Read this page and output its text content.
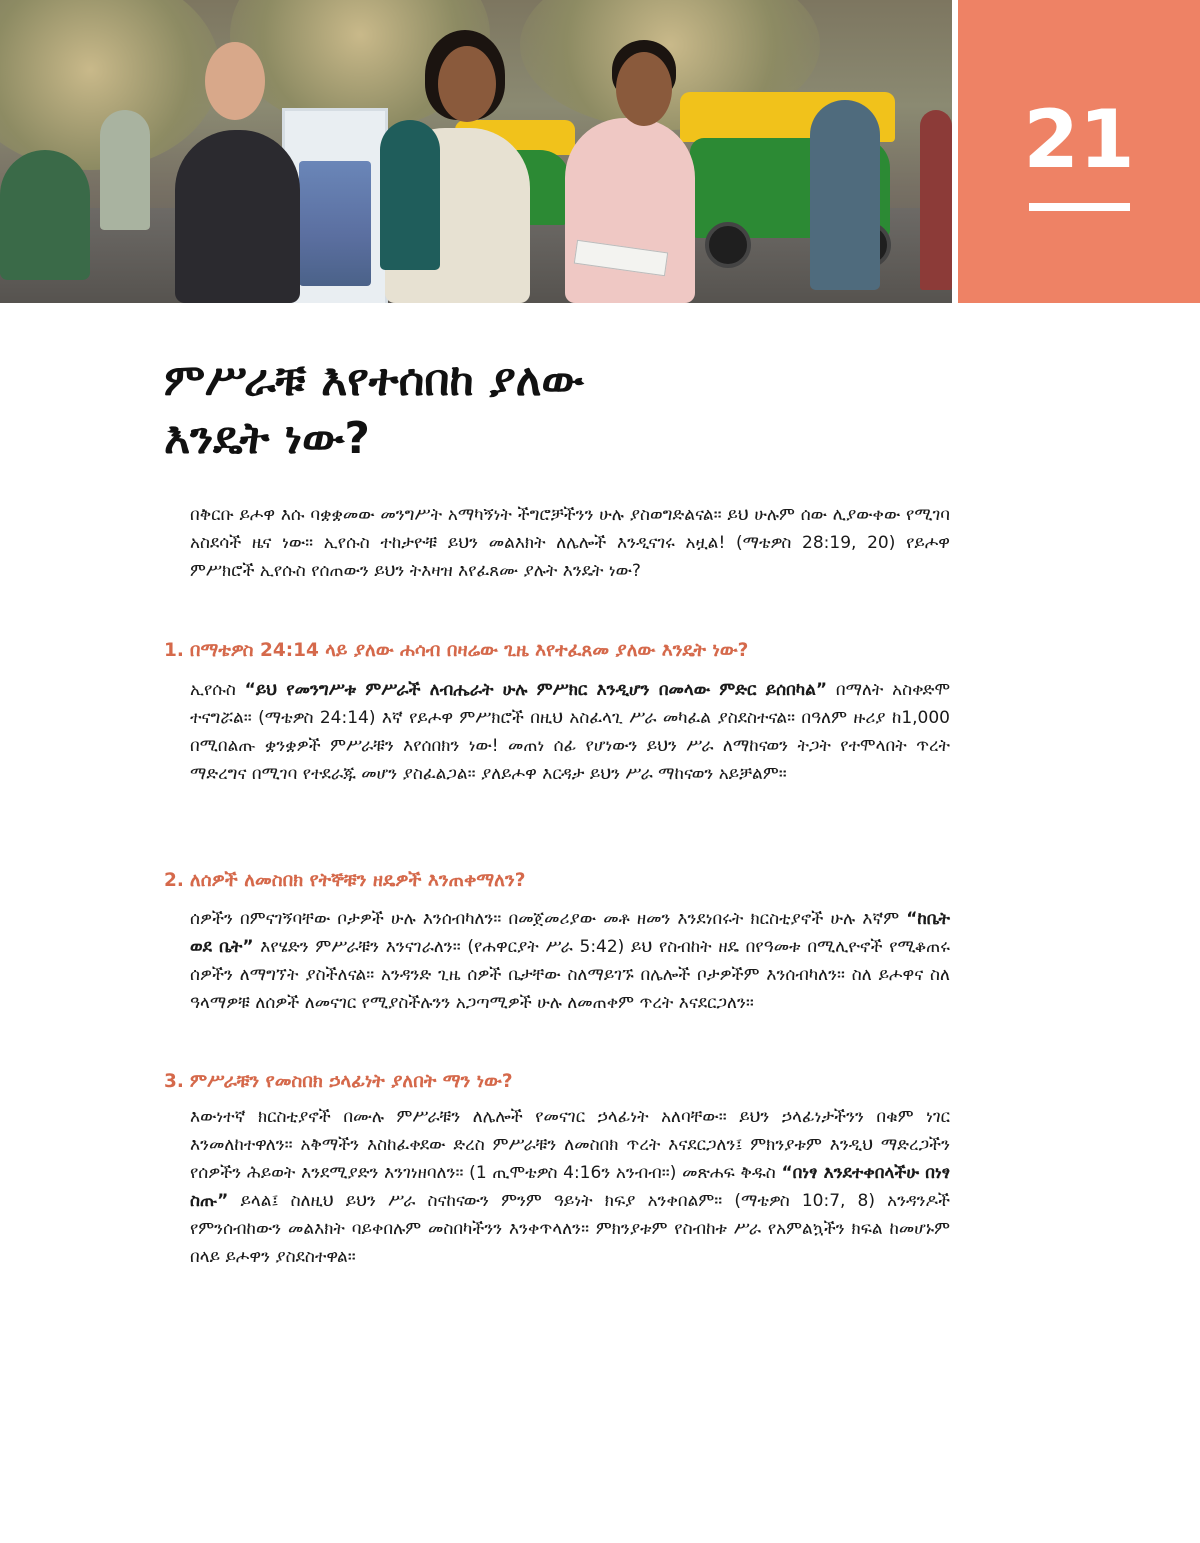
21
ምሥራቹ እየተሰበከ ያለው
እንዴት ነው?

በቅርቡ ይሖዋ እሱ ባቋቋመው መንግሥት አማካኝነት ችግሮቻችንን ሁሉ ያስወግድልናል። ይህ ሁሉም ሰው ሊያውቀው የሚገባ አስደሳች ዜና ነው። ኢየሱስ ተከታዮቹ ይህን መልእክት ለሌሎች እንዲናገሩ አዟል! (ማቴዎስ 28:19, 20) የይሖዋ ምሥክሮች ኢየሱስ የሰጠውን ይህን ትእዛዝ እየፈጸሙ ያሉት እንዴት ነው?

1. በማቴዎስ 24:14 ላይ ያለው ሐሳብ በዛሬው ጊዜ እየተፈጸመ ያለው እንዴት ነው?

ኢየሱስ “ይህ የመንግሥቱ ምሥራች ለብሔራት ሁሉ ምሥክር እንዲሆን በመላው ምድር ይሰበካል” በማለት አስቀድሞ ተናግሯል። (ማቴዎስ 24:14) እኛ የይሖዋ ምሥክሮች በዚህ አስፈላጊ ሥራ መካፈል ያስደስተናል። በዓለም ዙሪያ ከ1,000 በሚበልጡ ቋንቋዎች ምሥራቹን እየሰበክን ነው! መጠነ ሰፊ የሆነውን ይህን ሥራ ለማከናወን ትጋት የተሞላበት ጥረት ማድረግና በሚገባ የተደራጁ መሆን ያስፈልጋል። ያለይሖዋ እርዳታ ይህን ሥራ ማከናወን አይቻልም።

2. ለሰዎች ለመስበክ የትኞቹን ዘዴዎች እንጠቀማለን?

ሰዎችን በምናገኝባቸው ቦታዎች ሁሉ እንሰብካለን። በመጀመሪያው መቶ ዘመን እንደነበሩት ክርስቲያኖች ሁሉ እኛም “ከቤት ወደ ቤት” እየሄድን ምሥራቹን እንናገራለን። (የሐዋርያት ሥራ 5:42) ይህ የስብከት ዘዴ በየዓመቱ በሚሊዮኖች የሚቆጠሩ ሰዎችን ለማግኘት ያስችለናል። አንዳንድ ጊዜ ሰዎች ቤታቸው ስለማይገኙ በሌሎች ቦታዎችም እንሰብካለን። ስለ ይሖዋና ስለ ዓላማዎቹ ለሰዎች ለመናገር የሚያስችሉንን አጋጣሚዎች ሁሉ ለመጠቀም ጥረት እናደርጋለን።

3. ምሥራቹን የመስበክ ኃላፊነት ያለበት ማን ነው?

እውነተኛ ክርስቲያኖች በሙሉ ምሥራቹን ለሌሎች የመናገር ኃላፊነት አለባቸው። ይህን ኃላፊነታችንን በቁም ነገር እንመለከተዋለን። አቅማችን እስከፈቀደው ድረስ ምሥራቹን ለመስበክ ጥረት እናደርጋለን፤ ምክንያቱም እንዲህ ማድረጋችን የሰዎችን ሕይወት እንደሚያድን እንገነዘባለን። (1 ጢሞቴዎስ 4:16ን አንብብ።) መጽሐፍ ቅዱስ “በነፃ እንደተቀበላችሁ በነፃ ስጡ” ይላል፤ ስለዚህ ይህን ሥራ ስናከናውን ምንም ዓይነት ክፍያ አንቀበልም። (ማቴዎስ 10:7, 8) አንዳንዶች የምንሰብከውን መልእክት ባይቀበሉም መስበካችንን እንቀጥላለን። ምክንያቱም የስብከቱ ሥራ የአምልኳችን ክፍል ከመሆኑም በላይ ይሖዋን ያስደስተዋል።
